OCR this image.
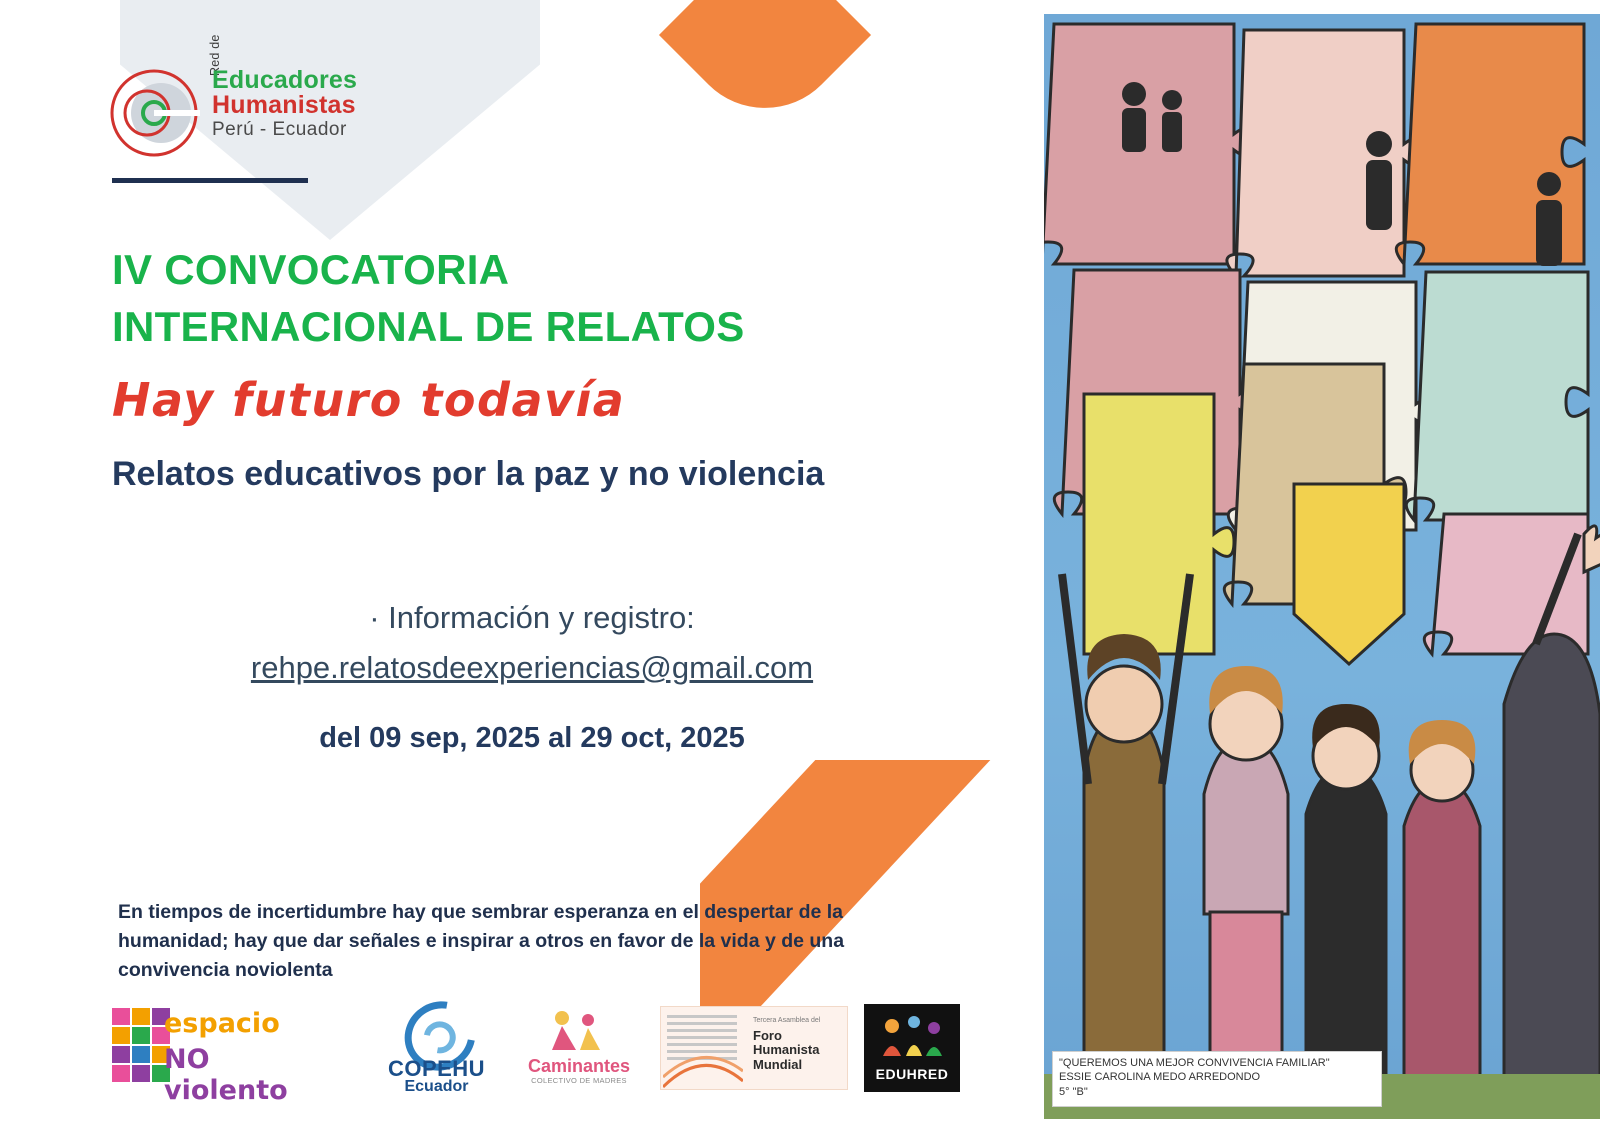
Red de
Educadores
Humanistas
Perú - Ecuador
IV CONVOCATORIA
INTERNACIONAL DE RELATOS
Hay futuro todavía
Relatos educativos por la paz y no violencia
· Información y registro:
rehpe.relatosdeexperiencias@gmail.com
del 09 sep, 2025 al 29 oct, 2025
En tiempos de incertidumbre hay que sembrar esperanza en el despertar de la humanidad; hay que dar señales e inspirar a otros en favor de la vida y de una convivencia noviolenta
espacio
NO violento
COPEHU
Ecuador
Caminantes
COLECTIVO DE MADRES
Tercera Asamblea del
Foro
Humanista
Mundial
EDUHRED
"QUEREMOS UNA MEJOR CONVIVENCIA FAMILIAR"
ESSIE CAROLINA MEDO ARREDONDO
5° "B"
